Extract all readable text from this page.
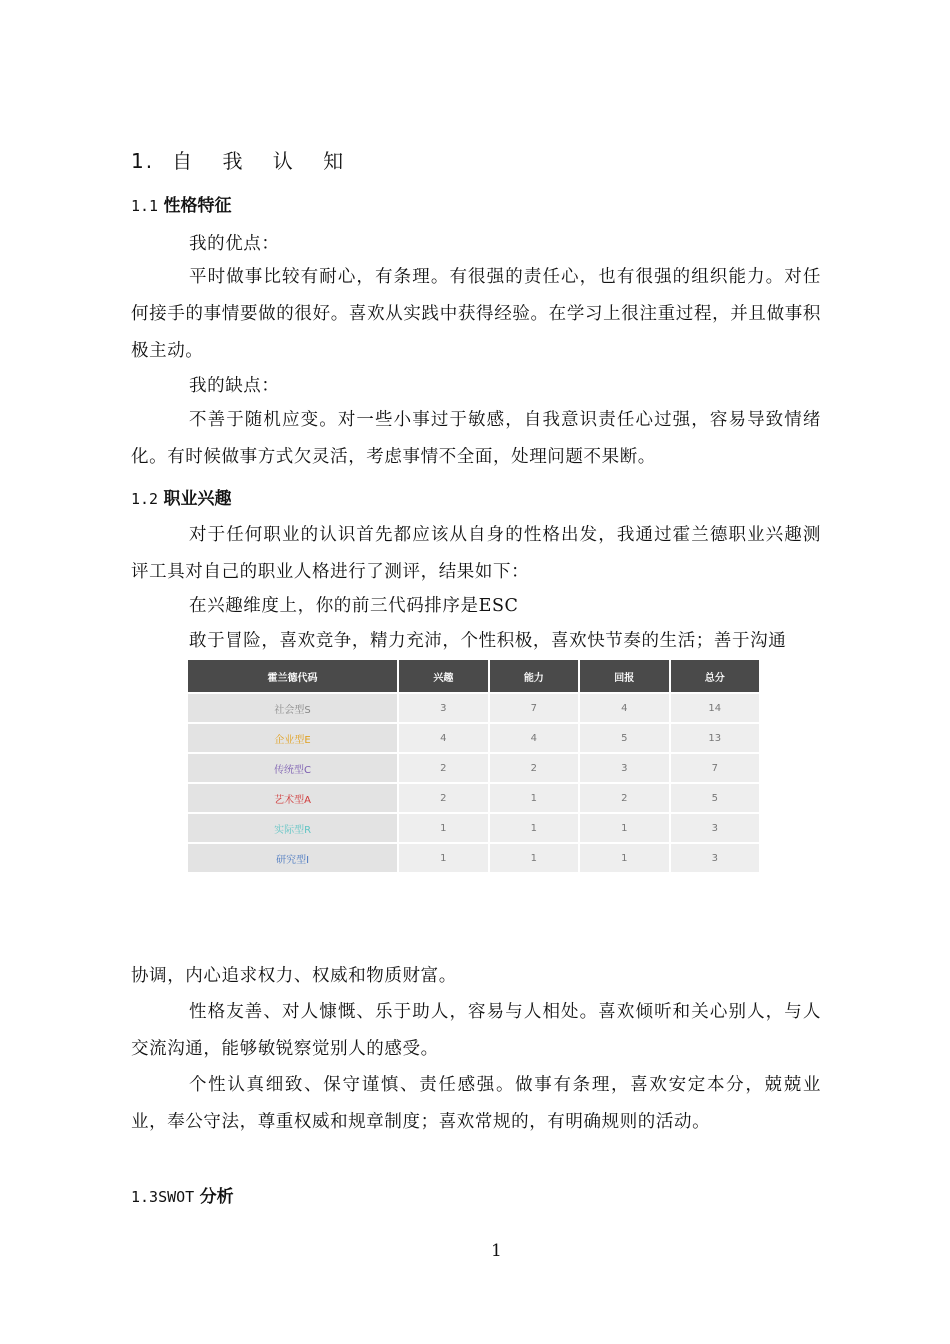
1. 自 我 认 知
1.1 性格特征
我的优点：
平时做事比较有耐心，有条理。有很强的责任心，也有很强的组织能力。对任何接手的事情要做的很好。喜欢从实践中获得经验。在学习上很注重过程，并且做事积极主动。
我的缺点：
不善于随机应变。对一些小事过于敏感，自我意识责任心过强，容易导致情绪化。有时候做事方式欠灵活，考虑事情不全面，处理问题不果断。
1.2 职业兴趣
对于任何职业的认识首先都应该从自身的性格出发，我通过霍兰德职业兴趣测评工具对自己的职业人格进行了测评，结果如下：
在兴趣维度上，你的前三代码排序是ESC
敢于冒险，喜欢竞争，精力充沛，个性积极，喜欢快节奏的生活；善于沟通
霍兰德代码	兴趣	能力	回报	总分
社会型S	3	7	4	14
企业型E	4	4	5	13
传统型C	2	2	3	7
艺术型A	2	1	2	5
实际型R	1	1	1	3
研究型I	1	1	1	3
协调，内心追求权力、权威和物质财富。
性格友善、对人慷慨、乐于助人，容易与人相处。喜欢倾听和关心别人，与人交流沟通，能够敏锐察觉别人的感受。
个性认真细致、保守谨慎、责任感强。做事有条理，喜欢安定本分，兢兢业业，奉公守法，尊重权威和规章制度；喜欢常规的，有明确规则的活动。
1.3SWOT 分析
1
